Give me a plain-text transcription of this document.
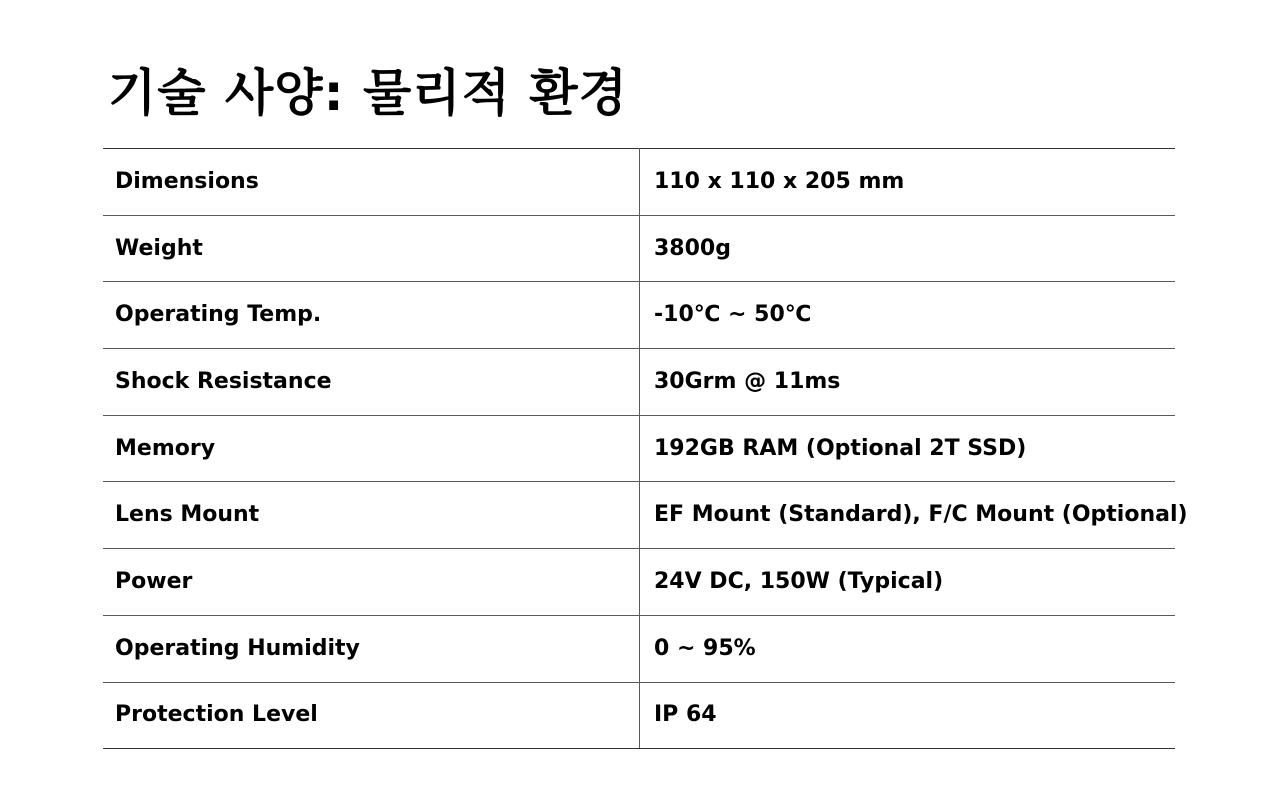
기술 사양: 물리적 환경
Dimensions	110 x 110 x 205 mm
Weight	3800g
Operating Temp.	-10℃ ~ 50℃
Shock Resistance	30Grm @ 11ms
Memory	192GB RAM (Optional 2T SSD)
Lens Mount	EF Mount (Standard), F/C Mount (Optional)
Power	24V DC, 150W (Typical)
Operating Humidity	0 ~ 95%
Protection Level	IP 64
